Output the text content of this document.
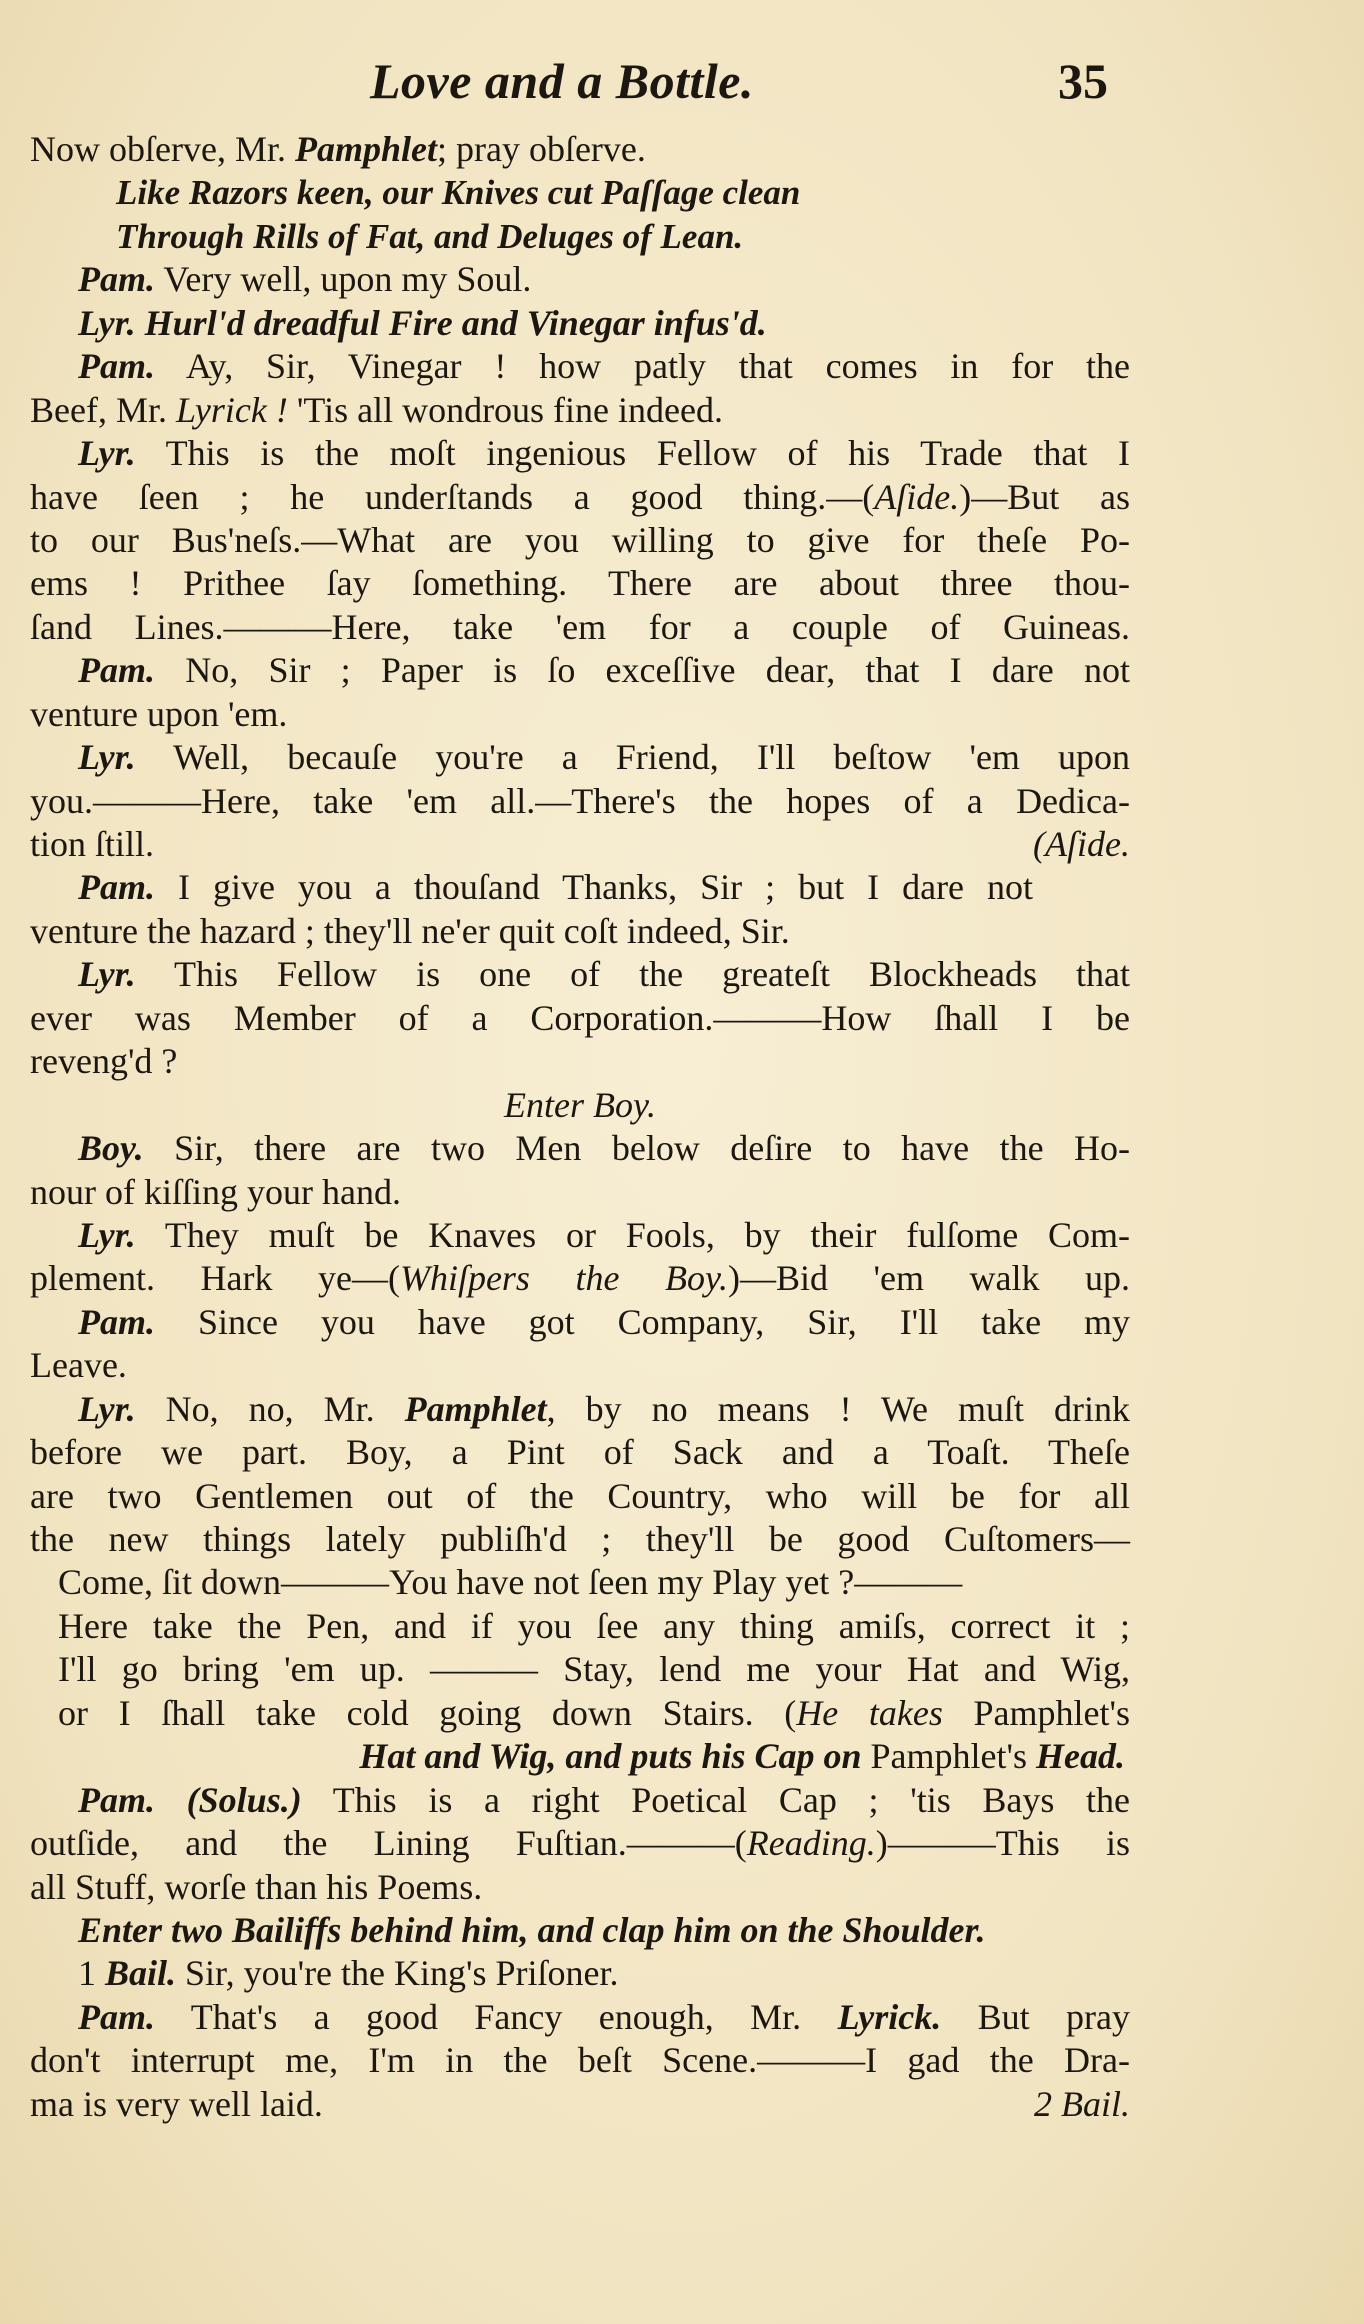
Love and a Bottle.	35
Now obſerve, Mr. Pamphlet; pray obſerve.
Like Razors keen, our Knives cut Paſſage clean
Through Rills of Fat, and Deluges of Lean.
Pam. Very well, upon my Soul.
Lyr. Hurl'd dreadful Fire and Vinegar infus'd.
Pam. Ay, Sir, Vinegar ! how patly that comes in for the
Beef, Mr. Lyrick ! 'Tis all wondrous fine indeed.
Lyr. This is the moſt ingenious Fellow of his Trade that I
have ſeen ; he underſtands a good thing.—(Aſide.)—But as
to our Bus'neſs.—What are you willing to give for theſe Po-
ems ! Prithee ſay ſomething. There are about three thou-
ſand Lines.———Here, take 'em for a couple of Guineas.
Pam. No, Sir ; Paper is ſo exceſſive dear, that I dare not
venture upon 'em.
Lyr. Well, becauſe you're a Friend, I'll beſtow 'em upon
you.———Here, take 'em all.—There's the hopes of a Dedica-
tion ſtill.	(Aſide.
Pam. I give you a thouſand Thanks, Sir ; but I dare not
venture the hazard ; they'll ne'er quit coſt indeed, Sir.
Lyr. This Fellow is one of the greateſt Blockheads that
ever was Member of a Corporation.———How ſhall I be
reveng'd ?
Enter Boy.
Boy. Sir, there are two Men below deſire to have the Ho-
nour of kiſſing your hand.
Lyr. They muſt be Knaves or Fools, by their fulſome Com-
plement. Hark ye—(Whiſpers the Boy.)—Bid 'em walk up.
Pam. Since you have got Company, Sir, I'll take my
Leave.
Lyr. No, no, Mr. Pamphlet, by no means ! We muſt drink
before we part. Boy, a Pint of Sack and a Toaſt. Theſe
are two Gentlemen out of the Country, who will be for all
the new things lately publiſh'd ; they'll be good Cuſtomers—
Come, ſit down———You have not ſeen my Play yet ?———
Here take the Pen, and if you ſee any thing amiſs, correct it ;
I'll go bring 'em up. ——— Stay, lend me your Hat and Wig,
or I ſhall take cold going down Stairs. (He takes Pamphlet's
Hat and Wig, and puts his Cap on Pamphlet's Head.
Pam. (Solus.) This is a right Poetical Cap ; 'tis Bays the
outſide, and the Lining Fuſtian.———(Reading.)———This is
all Stuff, worſe than his Poems.
Enter two Bailiffs behind him, and clap him on the Shoulder.
1 Bail. Sir, you're the King's Priſoner.
Pam. That's a good Fancy enough, Mr. Lyrick. But pray
don't interrupt me, I'm in the beſt Scene.———I gad the Dra-
ma is very well laid.	2 Bail.
